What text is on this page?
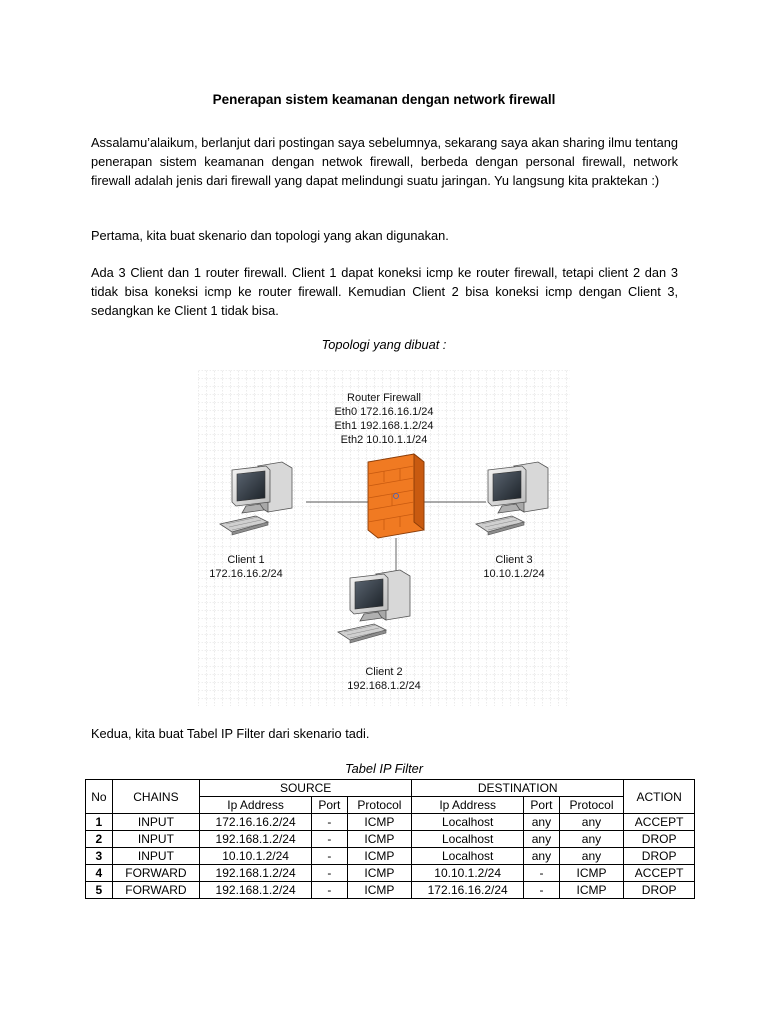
Penerapan sistem keamanan dengan network firewall

Assalamu’alaikum, berlanjut dari postingan saya sebelumnya, sekarang saya akan sharing ilmu tentang penerapan sistem keamanan dengan netwok firewall, berbeda dengan personal firewall, network firewall adalah jenis dari firewall yang dapat melindungi suatu jaringan. Yu langsung kita praktekan :)

Pertama, kita buat skenario dan topologi yang akan digunakan.

Ada 3 Client dan 1 router firewall. Client 1 dapat koneksi icmp ke router firewall, tetapi client 2 dan 3 tidak bisa koneksi icmp ke router firewall. Kemudian Client 2 bisa koneksi icmp dengan Client 3, sedangkan ke Client 1 tidak bisa.

Topologi yang dibuat :
Router Firewall
Eth0 172.16.16.1/24
Eth1 192.168.1.2/24
Eth2 10.10.1.1/24
Client 1
172.16.16.2/24
Client 3
10.10.1.2/24
Client 2
192.168.1.2/24

Kedua, kita buat Tabel IP Filter dari skenario tadi.

Tabel IP Filter
No	CHAINS	SOURCE			DESTINATION			ACTION
		Ip Address	Port	Protocol	Ip Address	Port	Protocol	
1	INPUT	172.16.16.2/24	-	ICMP	Localhost	any	any	ACCEPT
2	INPUT	192.168.1.2/24	-	ICMP	Localhost	any	any	DROP
3	INPUT	10.10.1.2/24	-	ICMP	Localhost	any	any	DROP
4	FORWARD	192.168.1.2/24	-	ICMP	10.10.1.2/24	-	ICMP	ACCEPT
5	FORWARD	192.168.1.2/24	-	ICMP	172.16.16.2/24	-	ICMP	DROP
